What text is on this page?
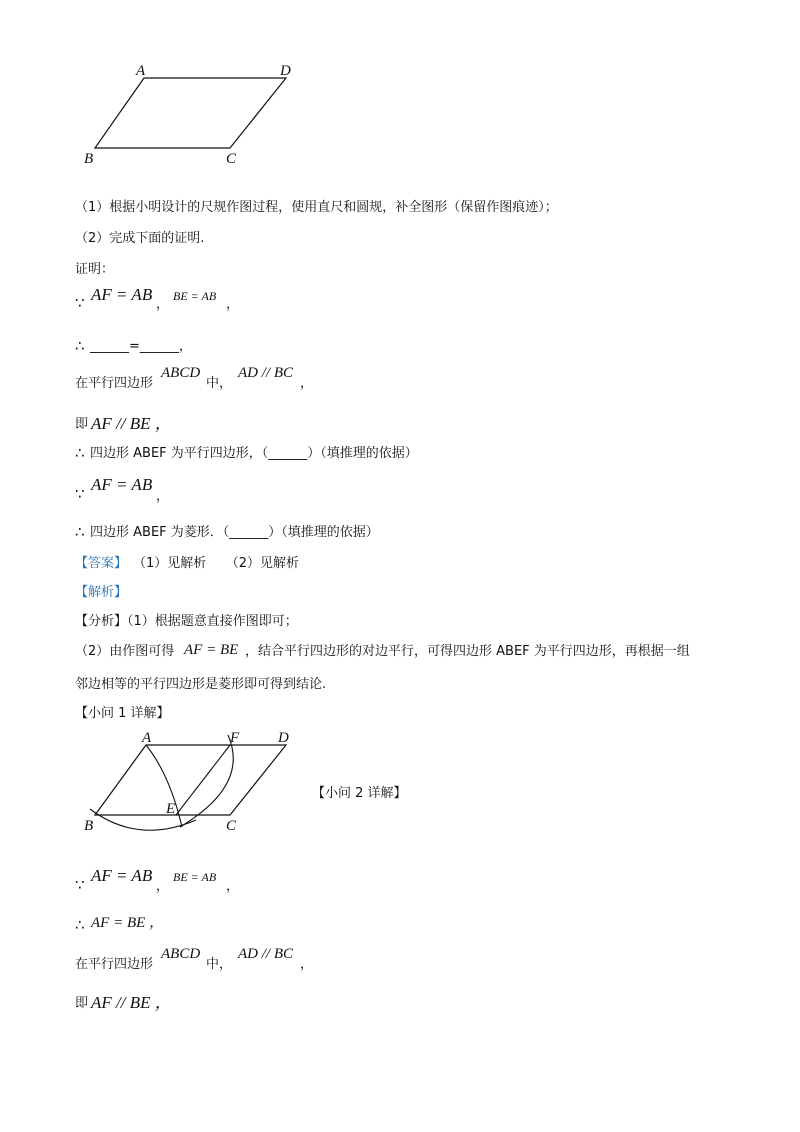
A	D
B	C
（1）根据小明设计的尺规作图过程，使用直尺和圆规，补全图形（保留作图痕迹）；
（2）完成下面的证明.
证明：
∵ AF = AB
，
BE = AB
，
∴ ______=______，
在平行四边形
ABCD
中，
AD // BC
，
即 AF // BE ，
∴ 四边形 ABEF 为平行四边形，（______）（填推理的依据）
∵ AF = AB
，
∴ 四边形 ABEF 为菱形．（______）（填推理的依据）
【答案】 （1）见解析　　（2）见解析
【解析】
【分析】（1）根据题意直接作图即可；
（2）由作图可得 AF = BE ，结合平行四边形的对边平行，可得四边形 ABEF 为平行四边形，再根据一组
邻边相等的平行四边形是菱形即可得到结论.
【小问 1 详解】
A	F	D
E
B	C
【小问 2 详解】
∵ AF = AB
，
BE = AB
，
∴ AF = BE ，
在平行四边形
ABCD
中，
AD // BC
，
即 AF // BE ，
